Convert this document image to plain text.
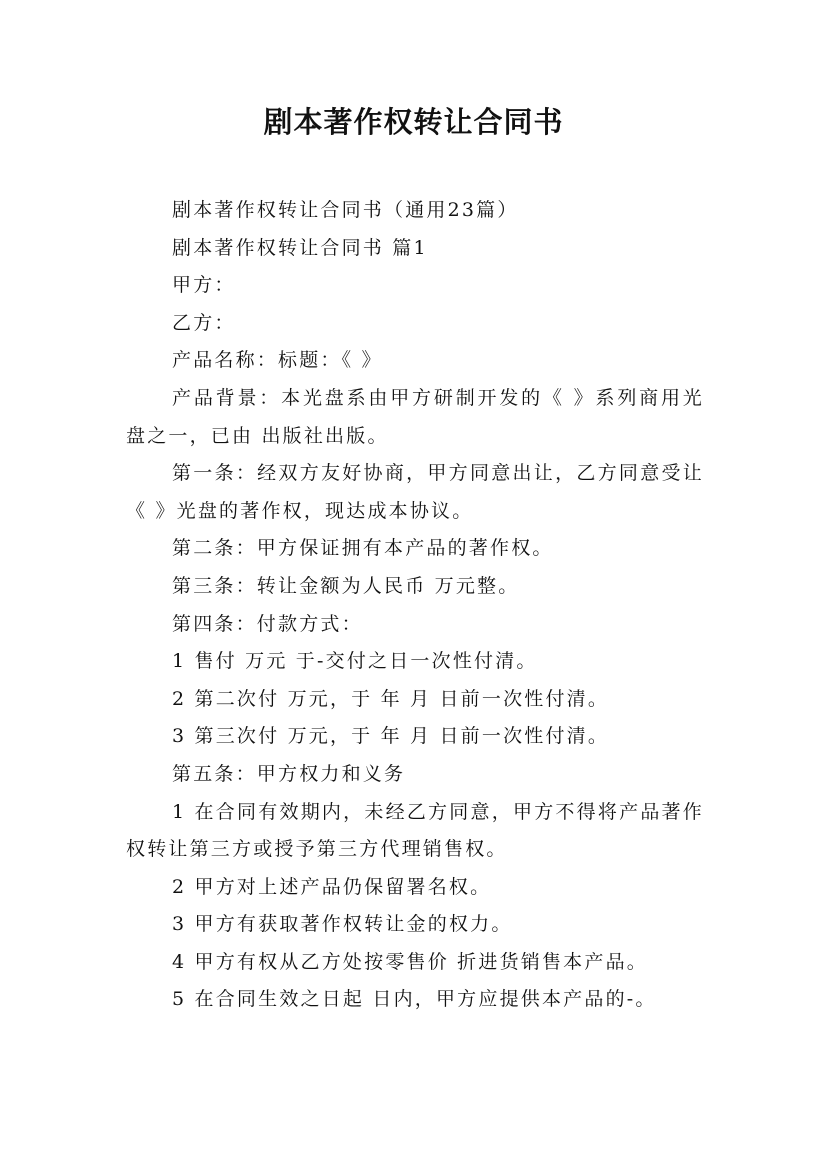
剧本著作权转让合同书

剧本著作权转让合同书（通用23篇）

剧本著作权转让合同书 篇1

甲方：

乙方：

产品名称：标题：《 》

产品背景：本光盘系由甲方研制开发的《 》系列商用光盘之一，已由 出版社出版。

第一条：经双方友好协商，甲方同意出让，乙方同意受让《 》光盘的著作权，现达成本协议。

第二条：甲方保证拥有本产品的著作权。

第三条：转让金额为人民币 万元整。

第四条：付款方式：

1 售付 万元 于-交付之日一次性付清。

2 第二次付 万元，于 年 月 日前一次性付清。

3 第三次付 万元，于 年 月 日前一次性付清。

第五条：甲方权力和义务

1 在合同有效期内，未经乙方同意，甲方不得将产品著作权转让第三方或授予第三方代理销售权。

2 甲方对上述产品仍保留署名权。

3 甲方有获取著作权转让金的权力。

4 甲方有权从乙方处按零售价 折进货销售本产品。

5 在合同生效之日起 日内，甲方应提供本产品的-。
